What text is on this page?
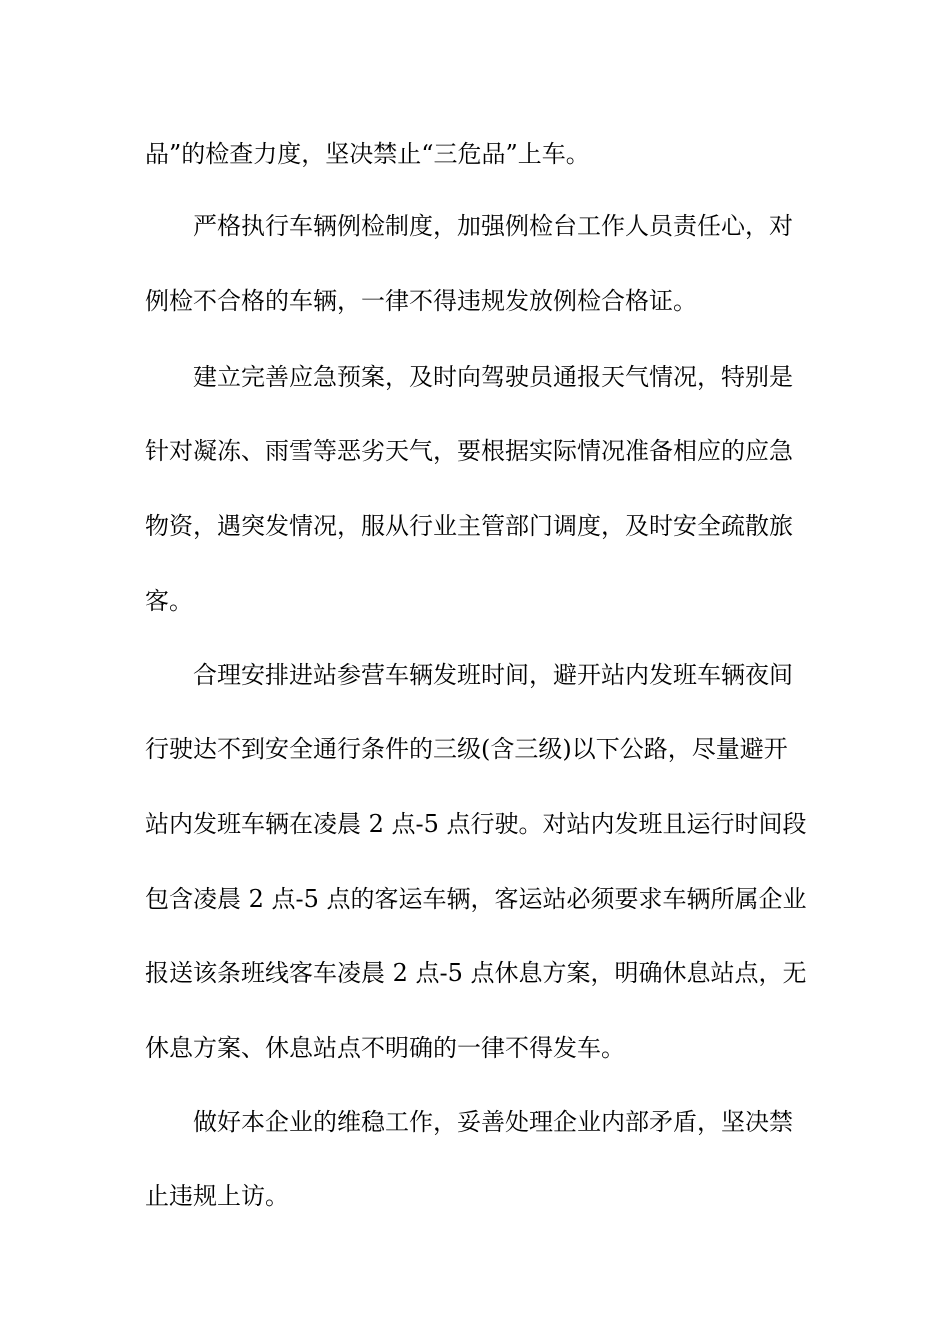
品”的检查力度，坚决禁止“三危品”上车。

严格执行车辆例检制度，加强例检台工作人员责任心，对

例检不合格的车辆，一律不得违规发放例检合格证。

建立完善应急预案，及时向驾驶员通报天气情况，特别是

针对凝冻、雨雪等恶劣天气，要根据实际情况准备相应的应急

物资，遇突发情况，服从行业主管部门调度，及时安全疏散旅

客。

合理安排进站参营车辆发班时间，避开站内发班车辆夜间

行驶达不到安全通行条件的三级(含三级)以下公路，尽量避开

站内发班车辆在凌晨 2 点-5 点行驶。对站内发班且运行时间段

包含凌晨 2 点-5 点的客运车辆，客运站必须要求车辆所属企业

报送该条班线客车凌晨 2 点-5 点休息方案，明确休息站点，无

休息方案、休息站点不明确的一律不得发车。

做好本企业的维稳工作，妥善处理企业内部矛盾，坚决禁

止违规上访。
